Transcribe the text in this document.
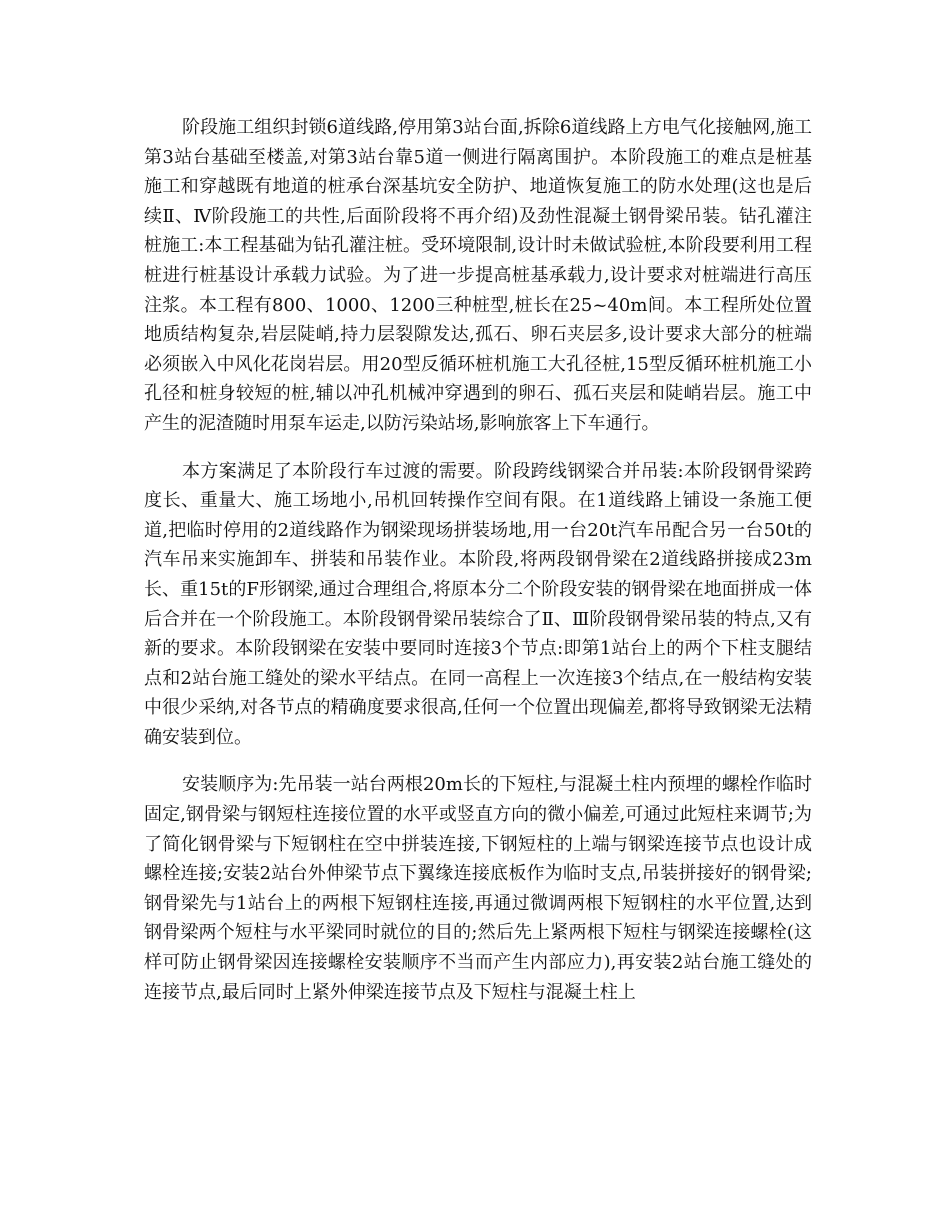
阶段施工组织封锁6道线路,停用第3站台面,拆除6道线路上方电气化接触网,施工第3站台基础至楼盖,对第3站台靠5道一侧进行隔离围护。本阶段施工的难点是桩基施工和穿越既有地道的桩承台深基坑安全防护、地道恢复施工的防水处理(这也是后续Ⅱ、Ⅳ阶段施工的共性,后面阶段将不再介绍)及劲性混凝土钢骨梁吊装。钻孔灌注桩施工:本工程基础为钻孔灌注桩。受环境限制,设计时未做试验桩,本阶段要利用工程桩进行桩基设计承载力试验。为了进一步提高桩基承载力,设计要求对桩端进行高压注浆。本工程有800、1000、1200三种桩型,桩长在25~40m间。本工程所处位置地质结构复杂,岩层陡峭,持力层裂隙发达,孤石、卵石夹层多,设计要求大部分的桩端必须嵌入中风化花岗岩层。用20型反循环桩机施工大孔径桩,15型反循环桩机施工小孔径和桩身较短的桩,辅以冲孔机械冲穿遇到的卵石、孤石夹层和陡峭岩层。施工中产生的泥渣随时用泵车运走,以防污染站场,影响旅客上下车通行。

本方案满足了本阶段行车过渡的需要。阶段跨线钢梁合并吊装:本阶段钢骨梁跨度长、重量大、施工场地小,吊机回转操作空间有限。在1道线路上铺设一条施工便道,把临时停用的2道线路作为钢梁现场拼装场地,用一台20t汽车吊配合另一台50t的汽车吊来实施卸车、拼装和吊装作业。本阶段,将两段钢骨梁在2道线路拼接成23m长、重15t的F形钢梁,通过合理组合,将原本分二个阶段安装的钢骨梁在地面拼成一体后合并在一个阶段施工。本阶段钢骨梁吊装综合了Ⅱ、Ⅲ阶段钢骨梁吊装的特点,又有新的要求。本阶段钢梁在安装中要同时连接3个节点:即第1站台上的两个下柱支腿结点和2站台施工缝处的梁水平结点。在同一高程上一次连接3个结点,在一般结构安装中很少采纳,对各节点的精确度要求很高,任何一个位置出现偏差,都将导致钢梁无法精确安装到位。

安装顺序为:先吊装一站台两根20m长的下短柱,与混凝土柱内预埋的螺栓作临时固定,钢骨梁与钢短柱连接位置的水平或竖直方向的微小偏差,可通过此短柱来调节;为了简化钢骨梁与下短钢柱在空中拼装连接,下钢短柱的上端与钢梁连接节点也设计成螺栓连接;安装2站台外伸梁节点下翼缘连接底板作为临时支点,吊装拼接好的钢骨梁;钢骨梁先与1站台上的两根下短钢柱连接,再通过微调两根下短钢柱的水平位置,达到钢骨梁两个短柱与水平梁同时就位的目的;然后先上紧两根下短柱与钢梁连接螺栓(这样可防止钢骨梁因连接螺栓安装顺序不当而产生内部应力),再安装2站台施工缝处的连接节点,最后同时上紧外伸梁连接节点及下短柱与混凝土柱上
